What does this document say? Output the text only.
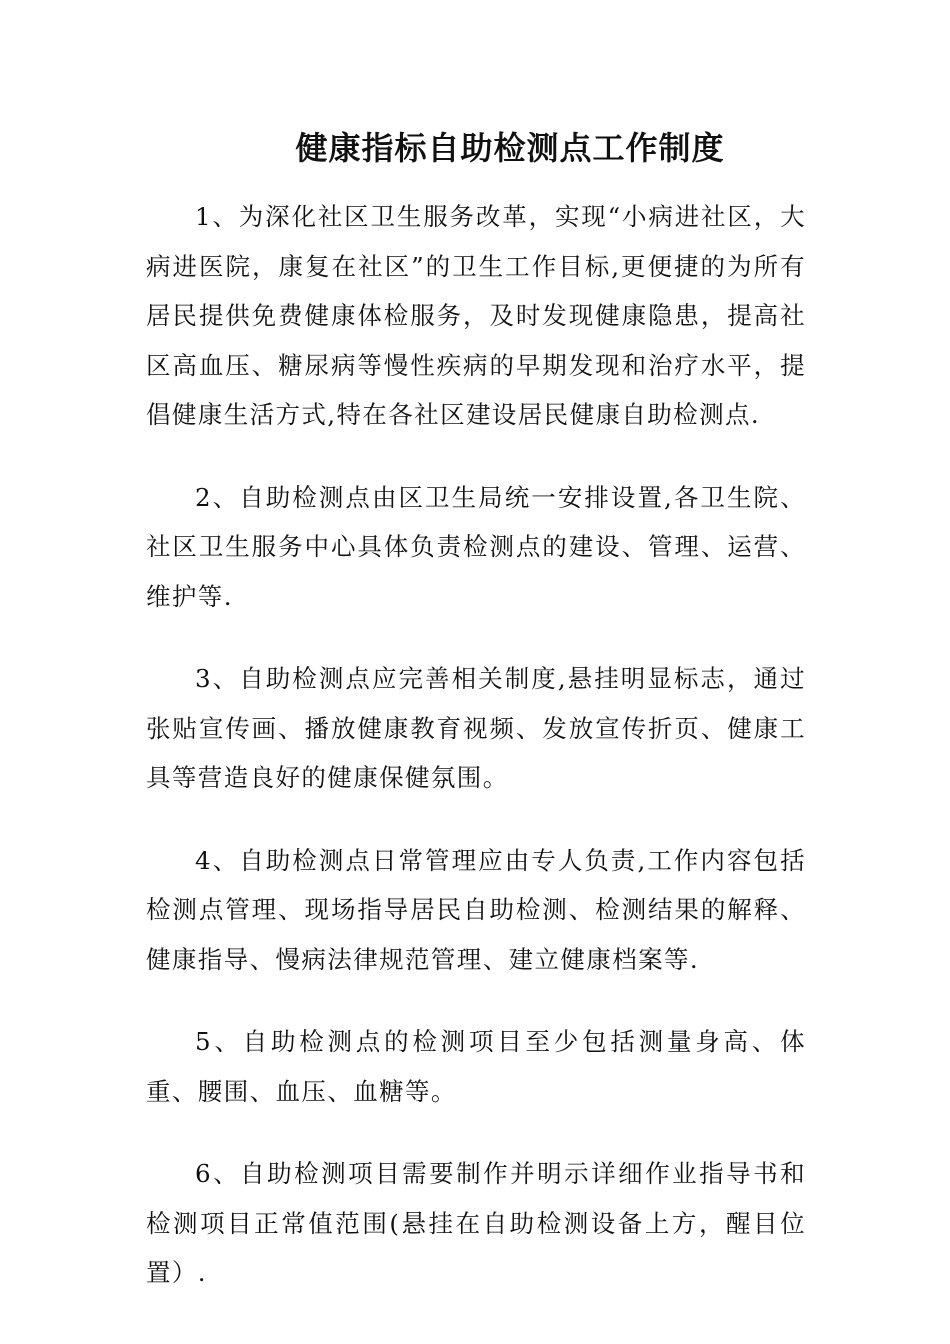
健康指标自助检测点工作制度

1、为深化社区卫生服务改革，实现“小病进社区，大病进医院，康复在社区”的卫生工作目标,更便捷的为所有居民提供免费健康体检服务，及时发现健康隐患，提高社区高血压、糖尿病等慢性疾病的早期发现和治疗水平，提倡健康生活方式,特在各社区建设居民健康自助检测点.

2、自助检测点由区卫生局统一安排设置,各卫生院、社区卫生服务中心具体负责检测点的建设、管理、运营、维护等.

3、自助检测点应完善相关制度,悬挂明显标志，通过张贴宣传画、播放健康教育视频、发放宣传折页、健康工具等营造良好的健康保健氛围。

4、自助检测点日常管理应由专人负责,工作内容包括检测点管理、现场指导居民自助检测、检测结果的解释、健康指导、慢病法律规范管理、建立健康档案等.

5、自助检测点的检测项目至少包括测量身高、体重、腰围、血压、血糖等。

6、自助检测项目需要制作并明示详细作业指导书和检测项目正常值范围(悬挂在自助检测设备上方，醒目位置）.
